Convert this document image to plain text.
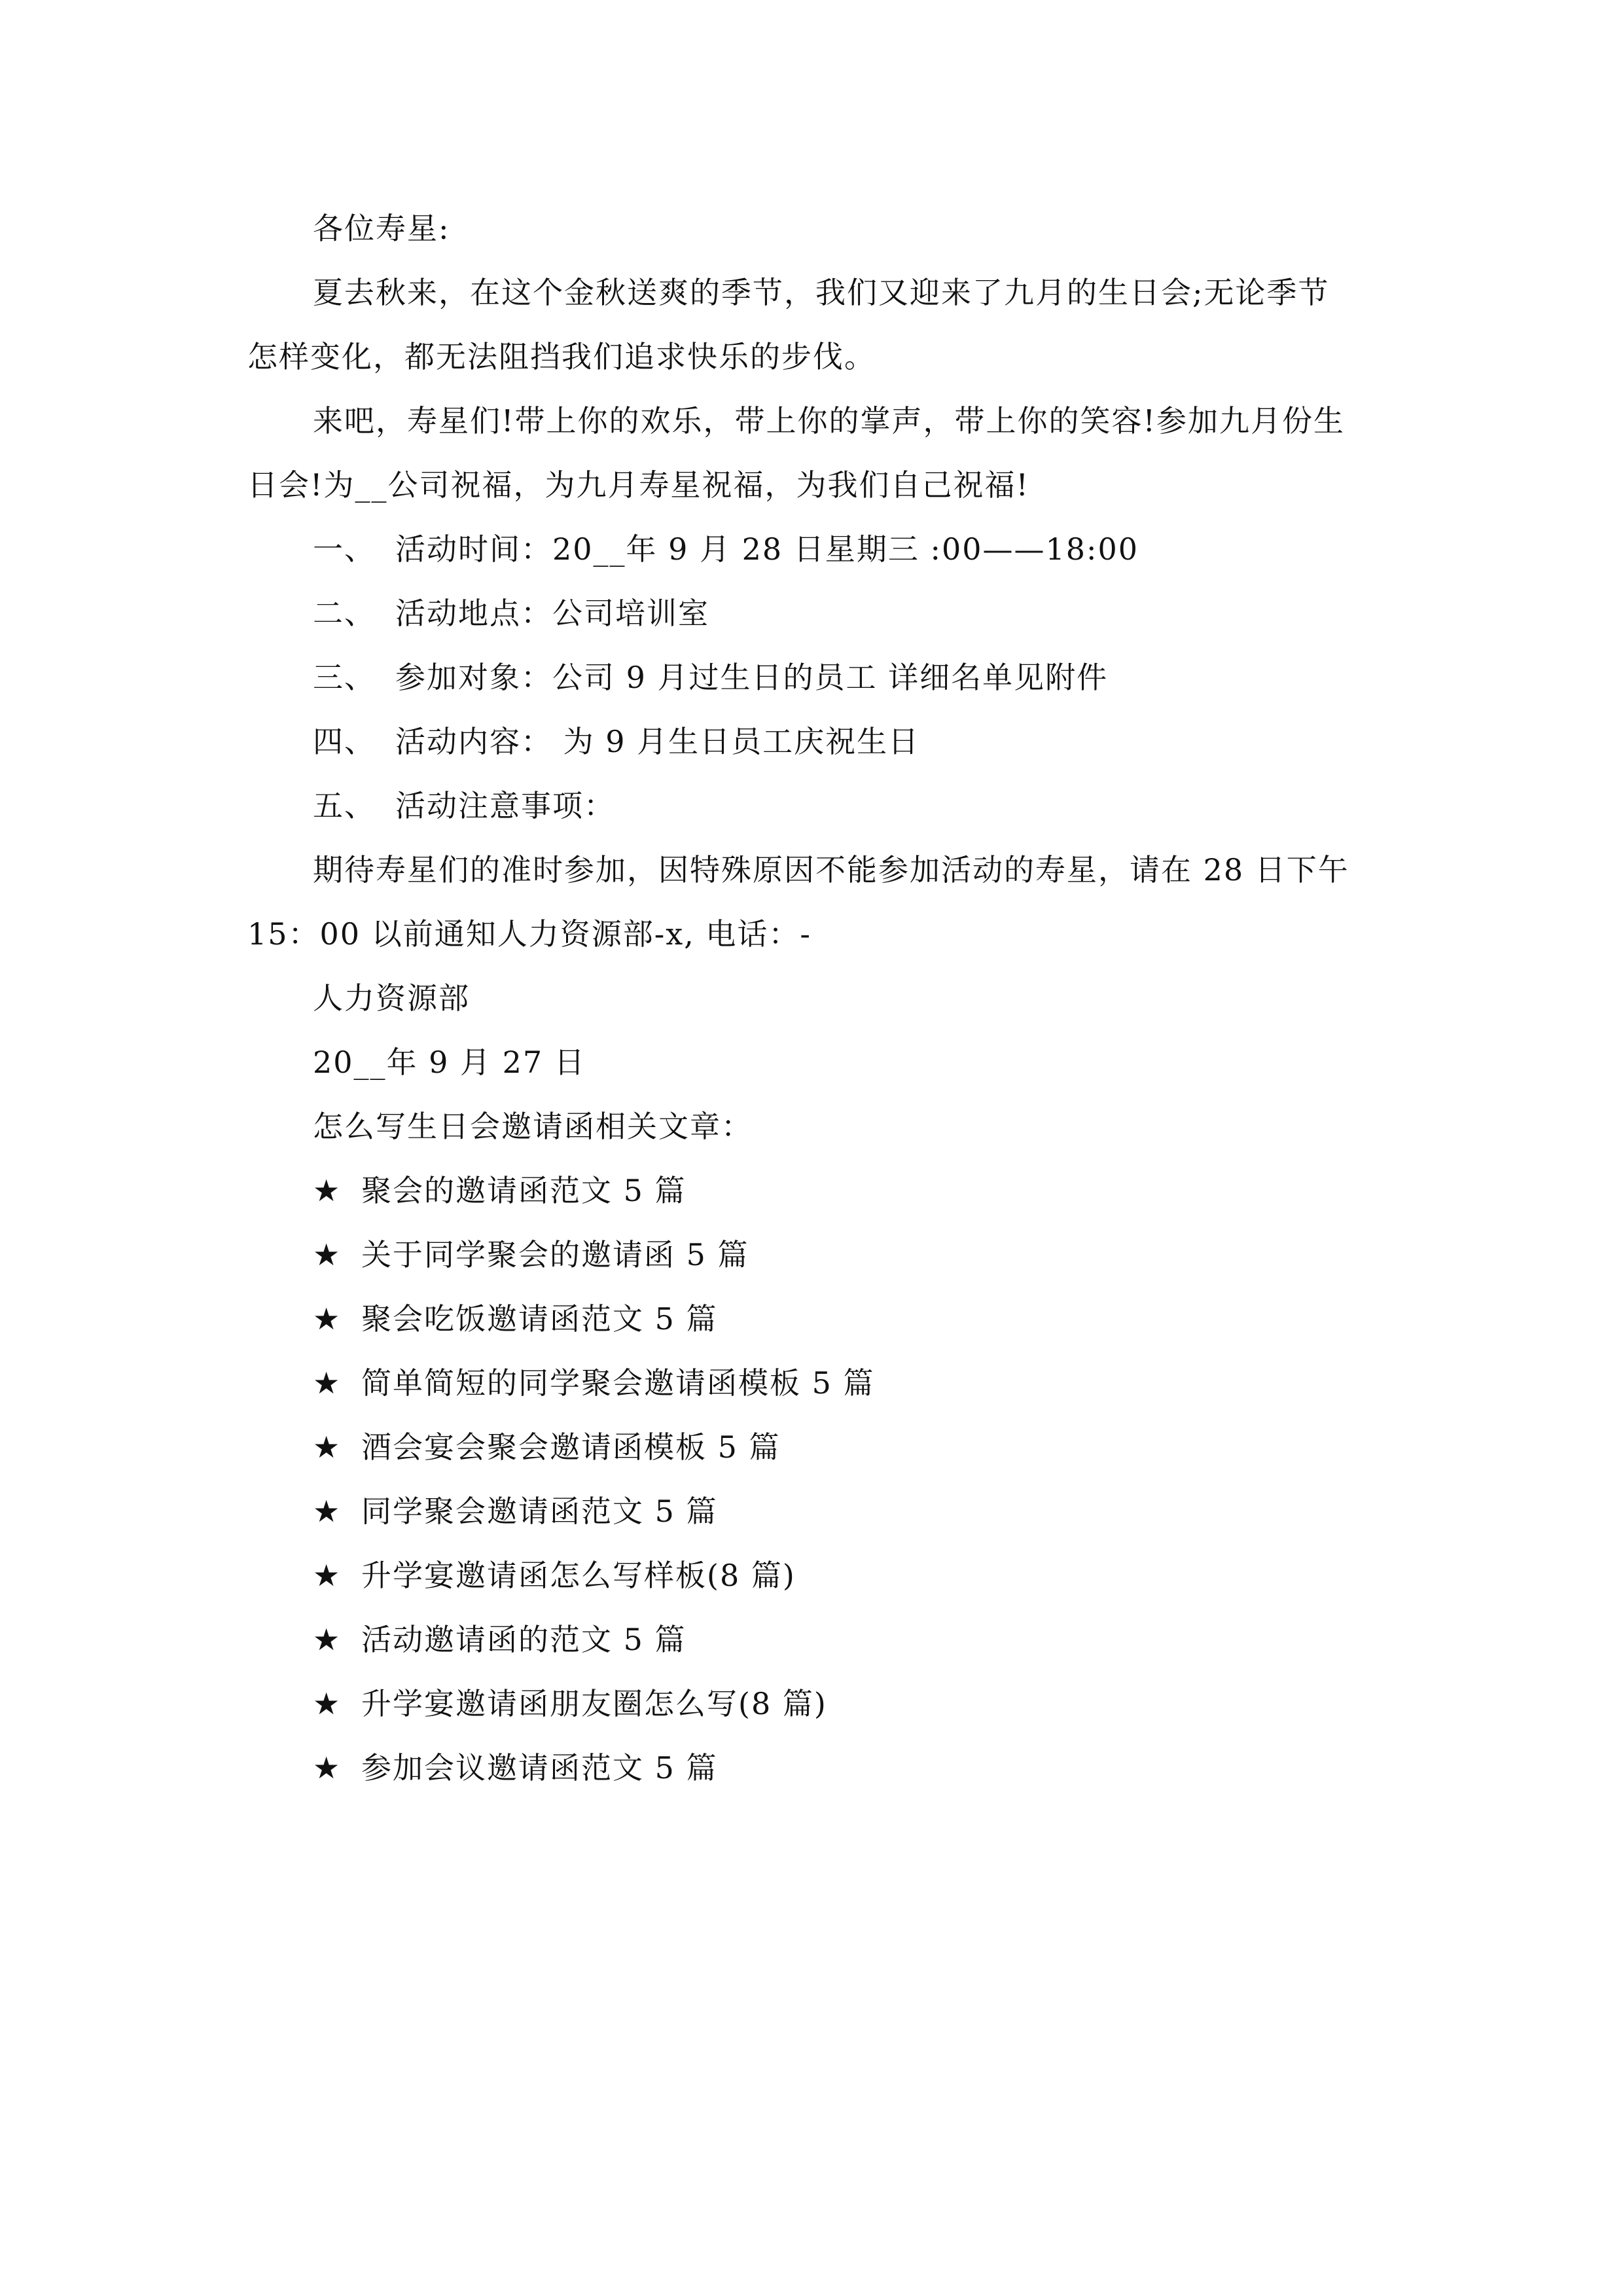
各位寿星:
夏去秋来，在这个金秋送爽的季节，我们又迎来了九月的生日会;无论季节
怎样变化，都无法阻挡我们追求快乐的步伐。
来吧，寿星们!带上你的欢乐，带上你的掌声，带上你的笑容!参加九月份生
日会!为__公司祝福，为九月寿星祝福，为我们自己祝福!
一、 活动时间：20__年 9 月 28 日星期三 :00——18:00
二、 活动地点：公司培训室
三、 参加对象：公司 9 月过生日的员工 详细名单见附件
四、 活动内容： 为 9 月生日员工庆祝生日
五、 活动注意事项：
期待寿星们的准时参加，因特殊原因不能参加活动的寿星，请在 28 日下午
15：00 以前通知人力资源部-x, 电话：-
人力资源部
20__年 9 月 27 日
怎么写生日会邀请函相关文章：
★ 聚会的邀请函范文 5 篇
★ 关于同学聚会的邀请函 5 篇
★ 聚会吃饭邀请函范文 5 篇
★ 简单简短的同学聚会邀请函模板 5 篇
★ 酒会宴会聚会邀请函模板 5 篇
★ 同学聚会邀请函范文 5 篇
★ 升学宴邀请函怎么写样板(8 篇)
★ 活动邀请函的范文 5 篇
★ 升学宴邀请函朋友圈怎么写(8 篇)
★ 参加会议邀请函范文 5 篇
